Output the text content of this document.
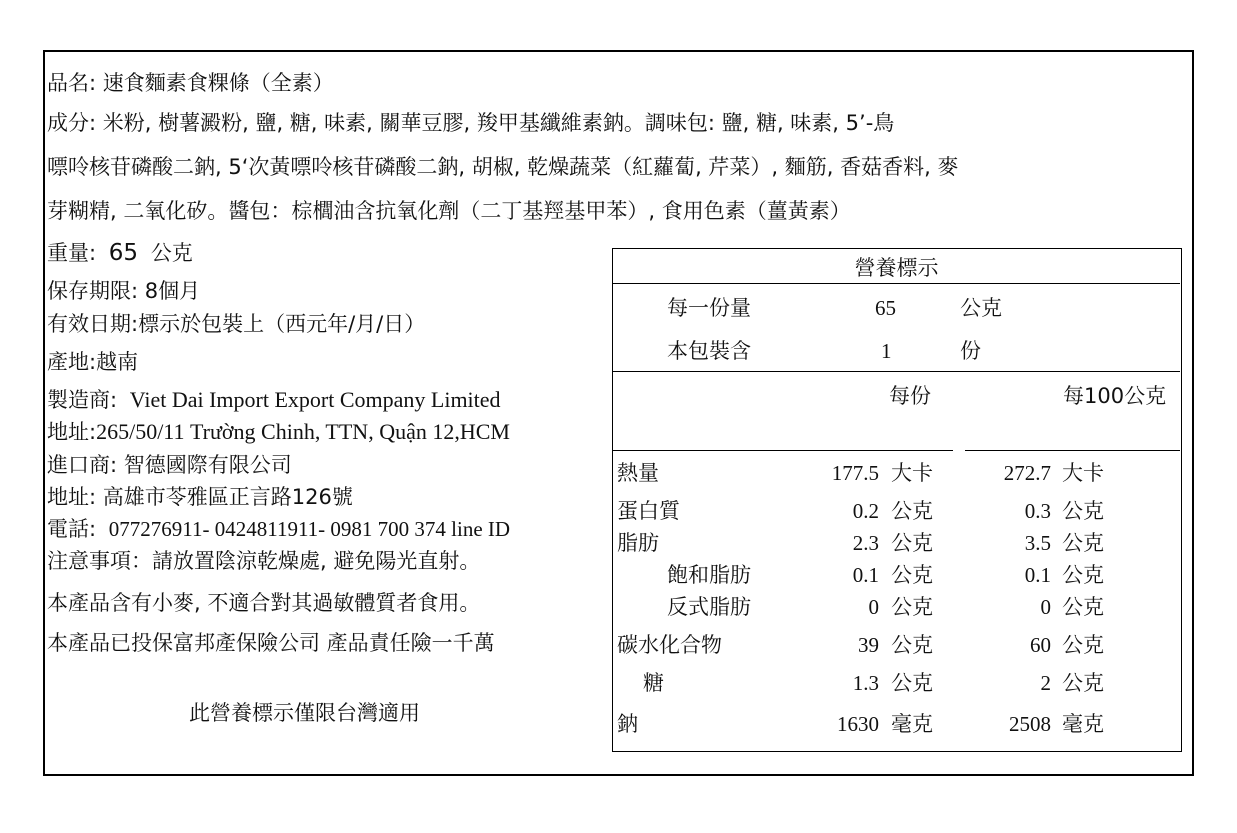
品名: 速食麵素食粿條（全素）
成分: 米粉, 樹薯澱粉, 鹽, 糖, 味素, 關華豆膠, 羧甲基纖維素鈉。調味包: 鹽, 糖, 味素, 5’-鳥
嘌呤核苷磷酸二鈉, 5‘次黃嘌呤核苷磷酸二鈉, 胡椒, 乾燥蔬菜（紅蘿蔔, 芹菜）, 麵筋, 香菇香料, 麥
芽糊精, 二氧化矽。醬包：棕櫚油含抗氧化劑（二丁基羥基甲苯）, 食用色素（薑黃素）
重量: 65 公克
保存期限: 8個月
有效日期:標示於包裝上（西元年/月/日）
產地:越南
製造商: Viet Dai Import Export Company Limited
地址:265/50/11 Trường Chinh, TTN, Quận 12,HCM
進口商: 智德國際有限公司
地址: 高雄市苓雅區正言路126號
電話: 077276911- 0424811911- 0981 700 374 line ID
注意事項：請放置陰涼乾燥處, 避免陽光直射。
本產品含有小麥, 不適合對其過敏體質者食用。
本產品已投保富邦產保險公司 產品責任險一千萬
此營養標示僅限台灣適用
營養標示
每一份量	65	公克
本包裝含	1	份
每份	每100公克
熱量	177.5 大卡	272.7 大卡
蛋白質	0.2 公克	0.3 公克
脂肪	2.3 公克	3.5 公克
飽和脂肪	0.1 公克	0.1 公克
反式脂肪	0 公克	0 公克
碳水化合物	39 公克	60 公克
糖	1.3 公克	2 公克
鈉	1630 毫克	2508 毫克
